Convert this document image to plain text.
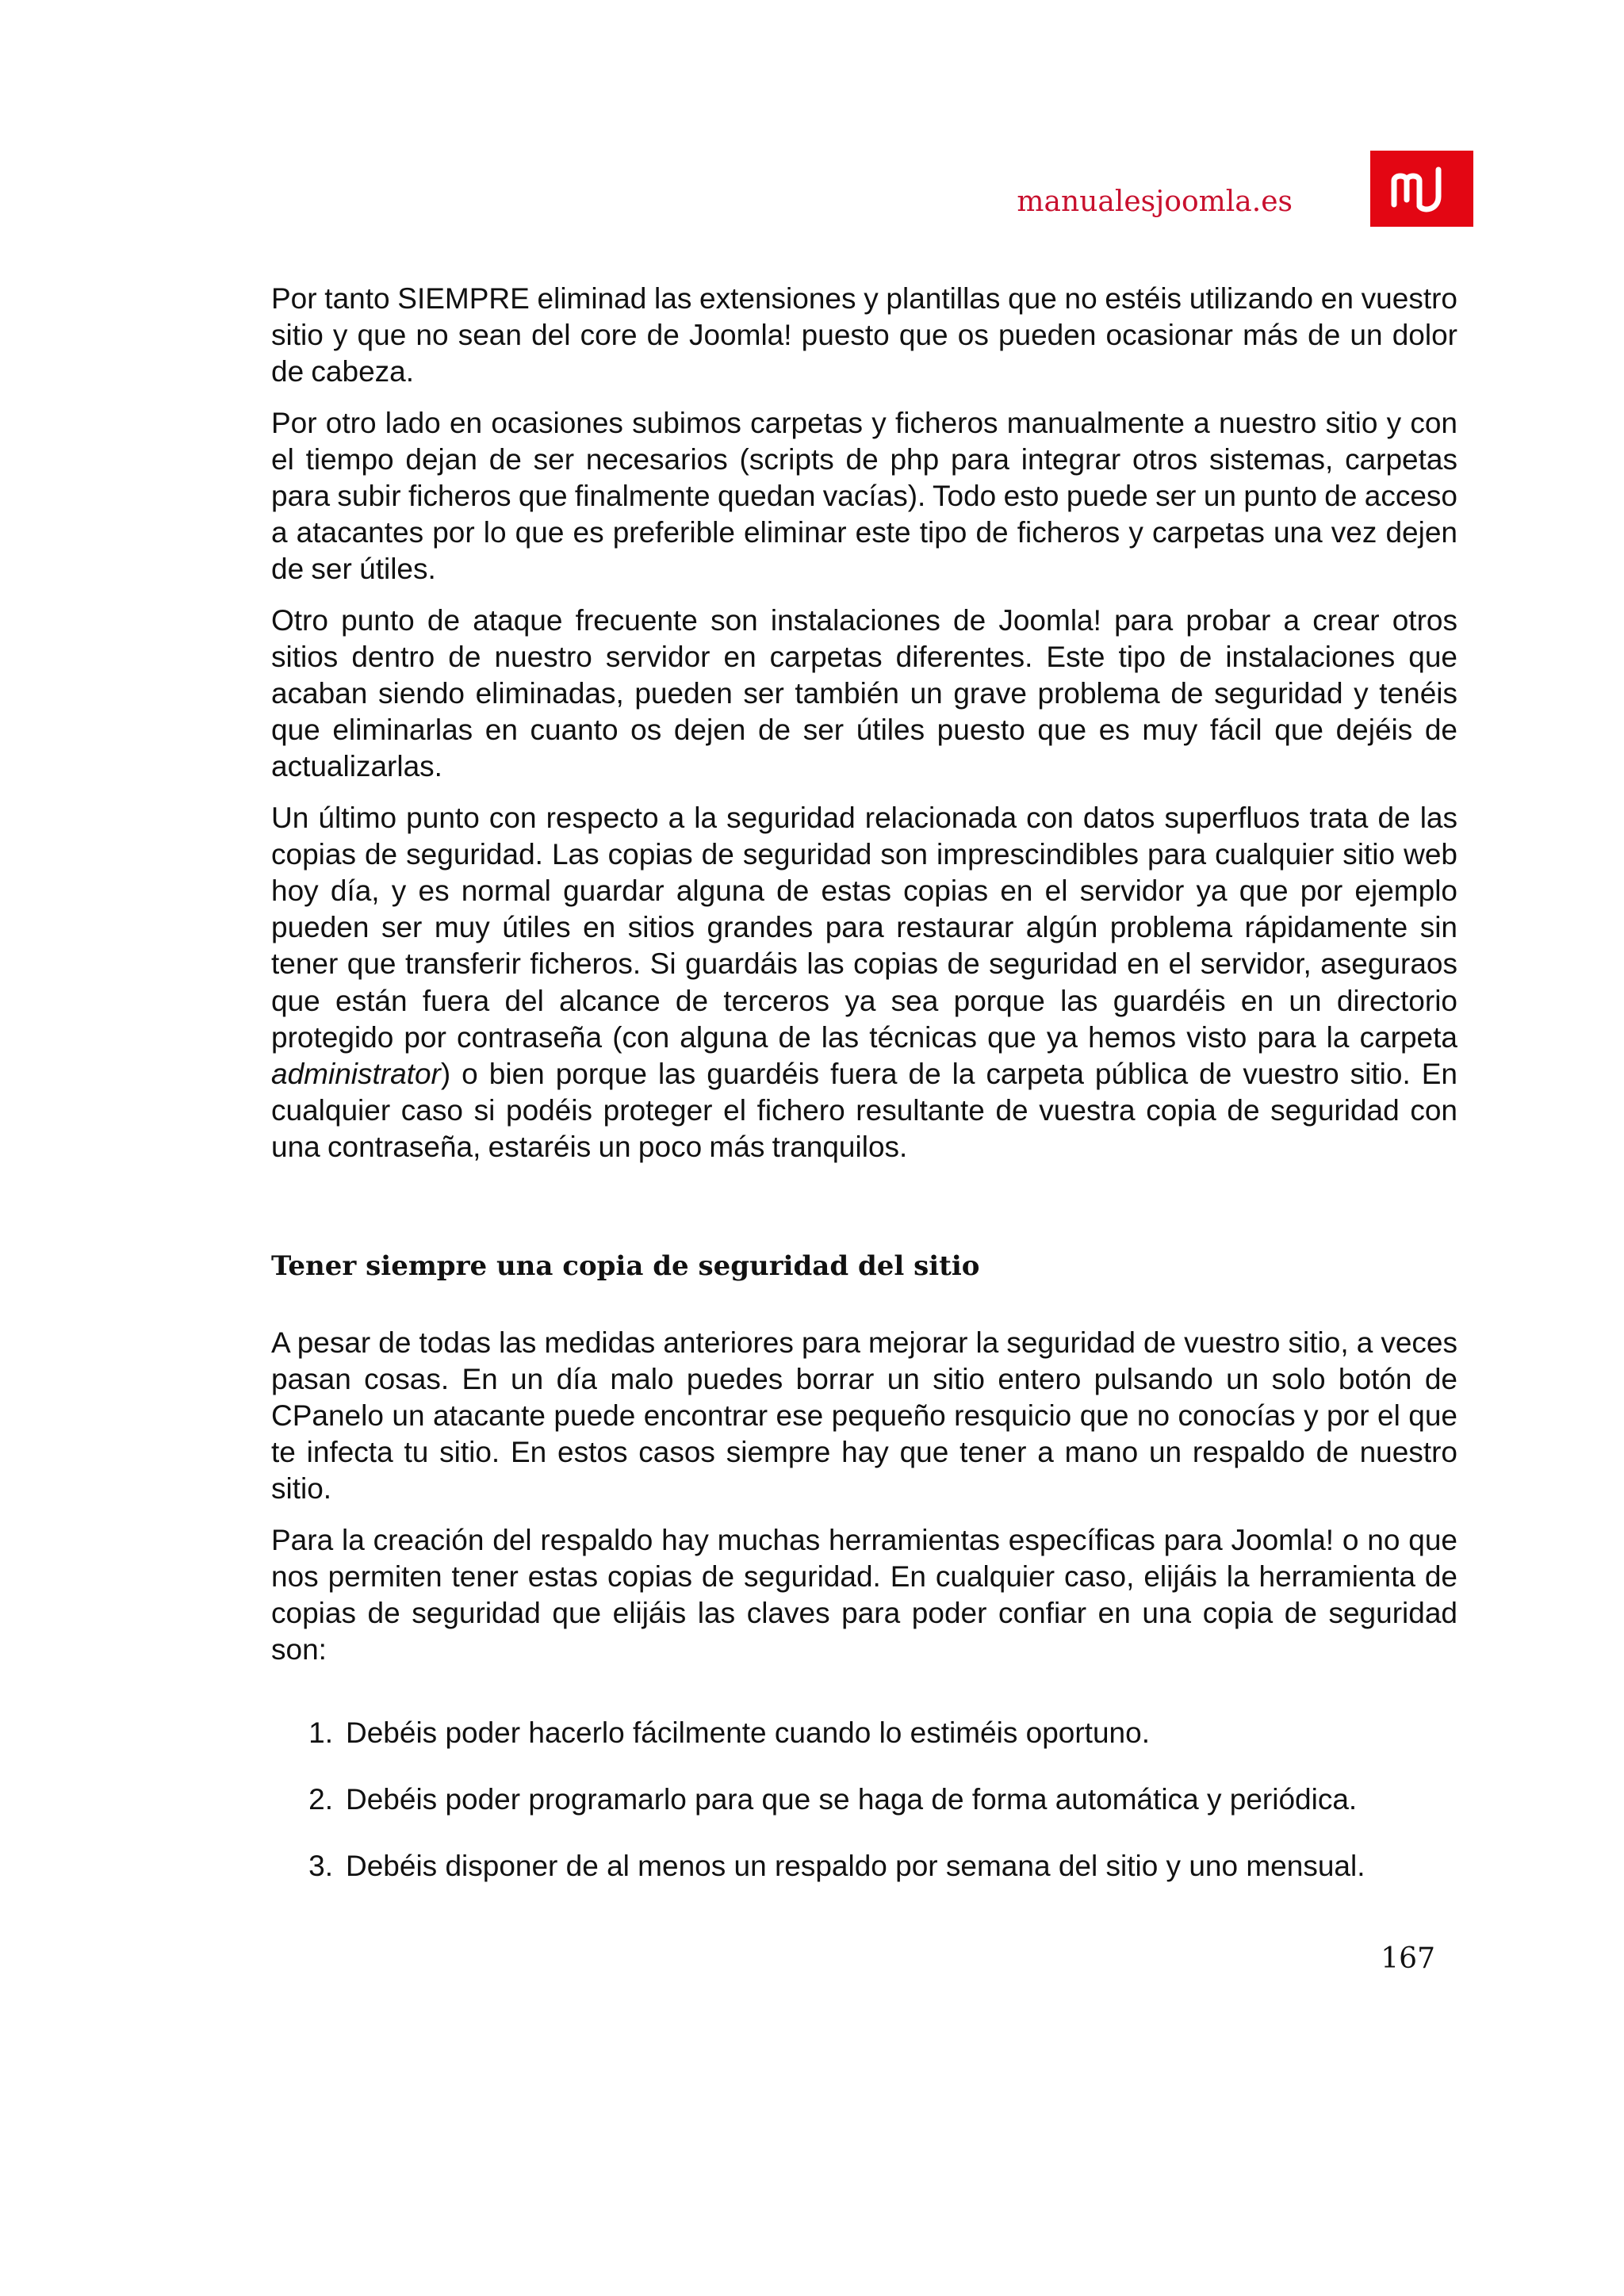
manualesjoomla.es

Por tanto SIEMPRE eliminad las extensiones y plantillas que no estéis utilizando en vuestro sitio y que no sean del core de Joomla! puesto que os pueden ocasionar más de un dolor de cabeza.

Por otro lado en ocasiones subimos carpetas y ficheros manualmente a nuestro sitio y con el tiempo dejan de ser necesarios (scripts de php para integrar otros sistemas, carpetas para subir ficheros que finalmente quedan vacías). Todo esto puede ser un punto de acceso a atacantes por lo que es preferible eliminar este tipo de ficheros y carpetas una vez dejen de ser útiles.

Otro punto de ataque frecuente son instalaciones de Joomla! para probar a crear otros sitios dentro de nuestro servidor en carpetas diferentes. Este tipo de instalaciones que acaban siendo eliminadas, pueden ser también un grave problema de seguridad y tenéis que eliminarlas en cuanto os dejen de ser útiles puesto que es muy fácil que dejéis de actualizarlas.

Un último punto con respecto a la seguridad relacionada con datos superfluos trata de las copias de seguridad. Las copias de seguridad son imprescindibles para cualquier sitio web hoy día, y es normal guardar alguna de estas copias en el servidor ya que por ejemplo pueden ser muy útiles en sitios grandes para restaurar algún problema rápidamente sin tener que transferir ficheros. Si guardáis las copias de seguridad en el servidor, aseguraos que están fuera del alcance de terceros ya sea porque las guardéis en un directorio protegido por contraseña (con alguna de las técnicas que ya hemos visto para la carpeta administrator) o bien porque las guardéis fuera de la carpeta pública de vuestro sitio. En cualquier caso si podéis proteger el fichero resultante de vuestra copia de seguridad con una contraseña, estaréis un poco más tranquilos.

Tener siempre una copia de seguridad del sitio

A pesar de todas las medidas anteriores para mejorar la seguridad de vuestro sitio, a veces pasan cosas. En un día malo puedes borrar un sitio entero pulsando un solo botón de CPanelo un atacante puede encontrar ese pequeño resquicio que no conocías y por el que te infecta tu sitio. En estos casos siempre hay que tener a mano un respaldo de nuestro sitio.

Para la creación del respaldo hay muchas herramientas específicas para Joomla! o no que nos permiten tener estas copias de seguridad. En cualquier caso, elijáis la herramienta de copias de seguridad que elijáis las claves para poder confiar en una copia de seguridad son:

1. Debéis poder hacerlo fácilmente cuando lo estiméis oportuno.
2. Debéis poder programarlo para que se haga de forma automática y periódica.
3. Debéis disponer de al menos un respaldo por semana del sitio y uno mensual.
167
